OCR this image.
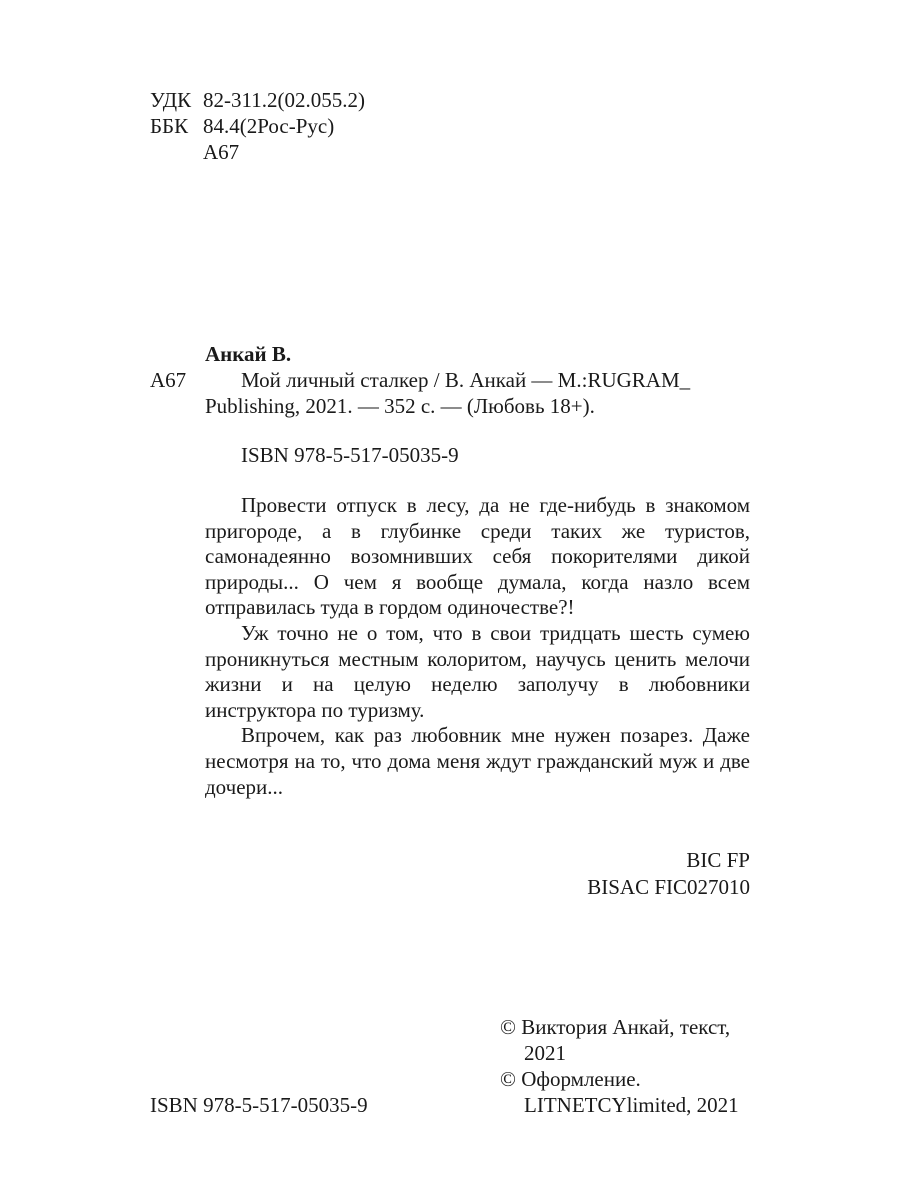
УДК 82-311.2(02.055.2)
ББК 84.4(2Рос-Рус)
А67
Анкай В.
А67	Мой личный сталкер / В. Анкай — М.:RUGRAM_
Publishing, 2021. — 352 с. — (Любовь 18+).
ISBN 978-5-517-05035-9

Провести отпуск в лесу, да не где-нибудь в знакомом пригороде, а в глубинке среди таких же туристов, самонадеянно возомнивших себя покорителями дикой природы... О чем я вообще думала, когда назло всем отправилась туда в гордом одиночестве?!

Уж точно не о том, что в свои тридцать шесть сумею проникнуться местным колоритом, научусь ценить мелочи жизни и на целую неделю заполучу в любовники инструктора по туризму.

Впрочем, как раз любовник мне нужен позарез. Даже несмотря на то, что дома меня ждут гражданский муж и две дочери...

BIC FP
BISAC FIC027010
© Виктория Анкай, текст,
2021
© Оформление.
LITNETCYlimited, 2021
ISBN 978-5-517-05035-9
